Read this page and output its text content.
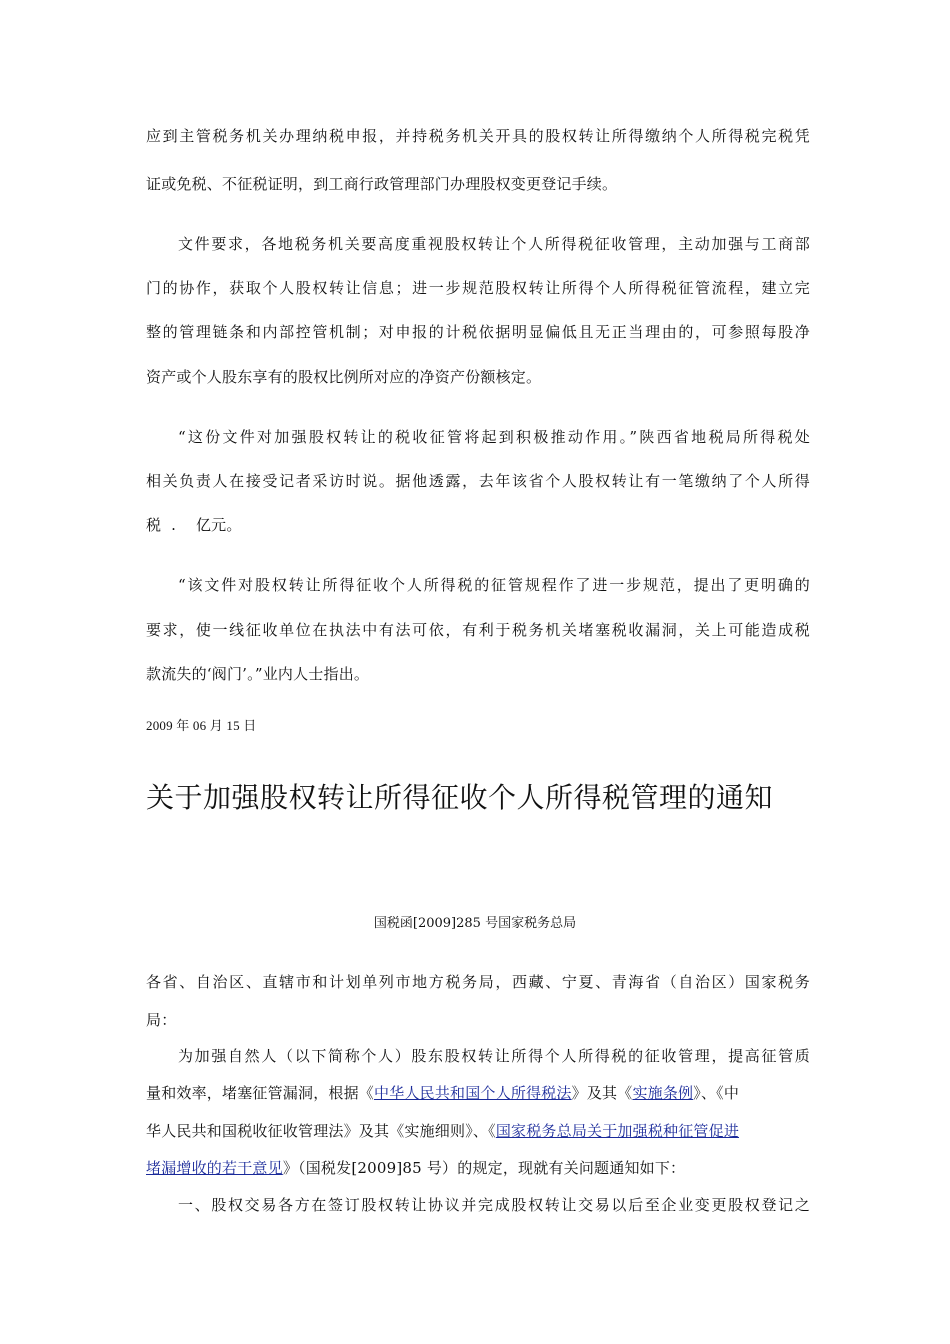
应到主管税务机关办理纳税申报，并持税务机关开具的股权转让所得缴纳个人所得税完税凭
证或免税、不征税证明，到工商行政管理部门办理股权变更登记手续。
文件要求，各地税务机关要高度重视股权转让个人所得税征收管理，主动加强与工商部
门的协作，获取个人股权转让信息；进一步规范股权转让所得个人所得税征管流程，建立完
整的管理链条和内部控管机制；对申报的计税依据明显偏低且无正当理由的，可参照每股净
资产或个人股东享有的股权比例所对应的净资产份额核定。
“这份文件对加强股权转让的税收征管将起到积极推动作用。”陕西省地税局所得税处
相关负责人在接受记者采访时说。据他透露，去年该省个人股权转让有一笔缴纳了个人所得
税  .    亿元。
“该文件对股权转让所得征收个人所得税的征管规程作了进一步规范，提出了更明确的
要求，使一线征收单位在执法中有法可依，有利于税务机关堵塞税收漏洞，关上可能造成税
款流失的‘阀门’。”业内人士指出。
2009 年 06 月 15 日
关于加强股权转让所得征收个人所得税管理的通知
国税函[2009]285 号国家税务总局
各省、自治区、直辖市和计划单列市地方税务局，西藏、宁夏、青海省（自治区）国家税务
局：
为加强自然人（以下简称个人）股东股权转让所得个人所得税的征收管理，提高征管质
量和效率，堵塞征管漏洞，根据《中华人民共和国个人所得税法》及其《实施条例》、《中
华人民共和国税收征收管理法》及其《实施细则》、《国家税务总局关于加强税种征管促进
堵漏增收的若干意见》（国税发[2009]85 号）的规定，现就有关问题通知如下：
一、股权交易各方在签订股权转让协议并完成股权转让交易以后至企业变更股权登记之
